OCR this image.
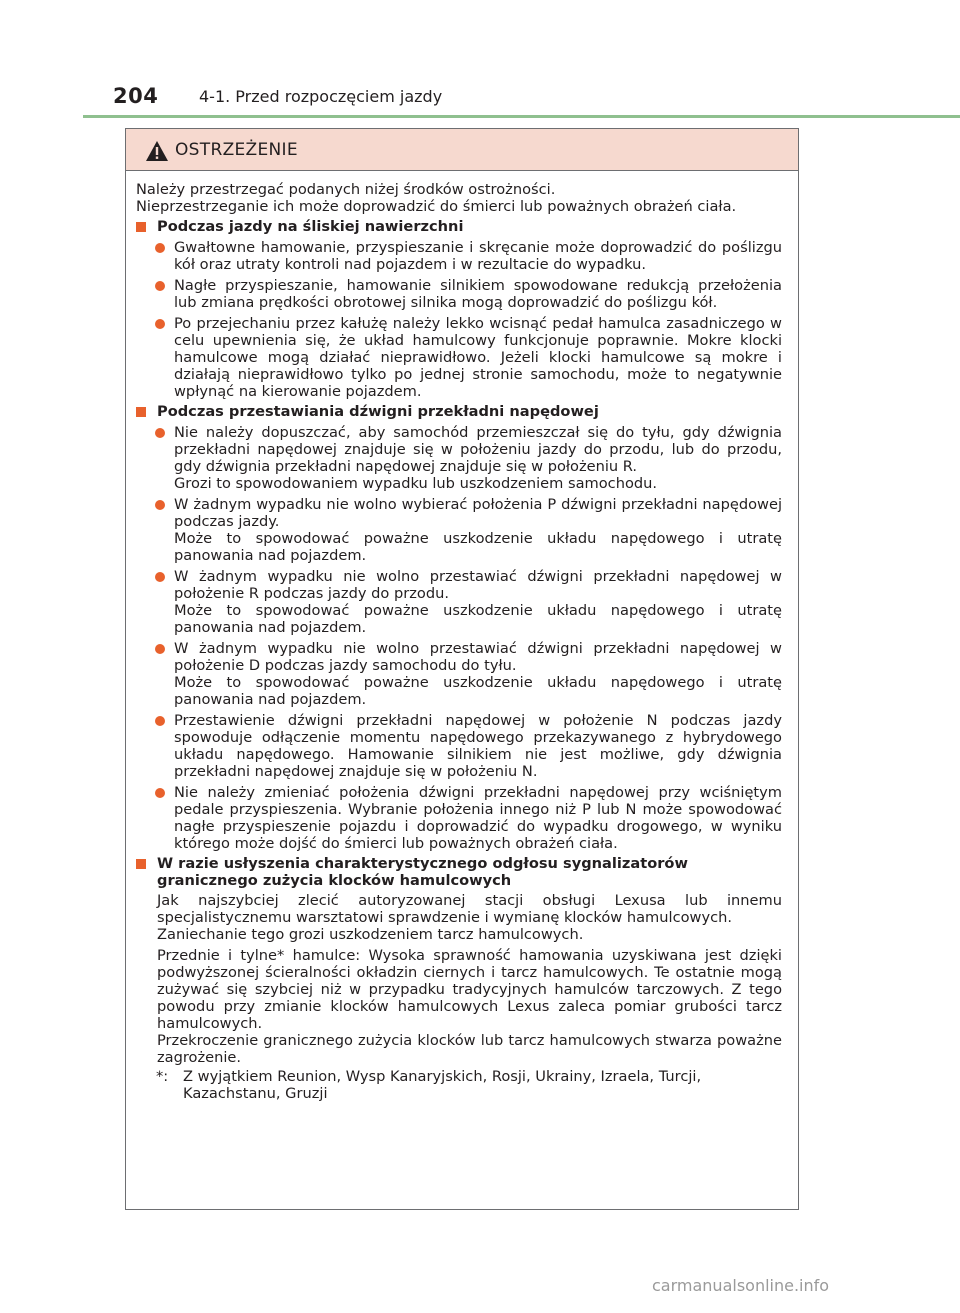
204	4-1. Przed rozpoczęciem jazdy
OSTRZEŻENIE
Należy przestrzegać podanych niżej środków ostrożności.
Nieprzestrzeganie ich może doprowadzić do śmierci lub poważnych obrażeń ciała.
Podczas jazdy na śliskiej nawierzchni
Gwałtowne hamowanie, przyspieszanie i skręcanie może doprowadzić do poślizgu kół oraz utraty kontroli nad pojazdem i w rezultacie do wypadku.
Nagłe przyspieszanie, hamowanie silnikiem spowodowane redukcją przełożenia lub zmiana prędkości obrotowej silnika mogą doprowadzić do poślizgu kół.
Po przejechaniu przez kałużę należy lekko wcisnąć pedał hamulca zasadniczego w celu upewnienia się, że układ hamulcowy funkcjonuje poprawnie. Mokre klocki hamulcowe mogą działać nieprawidłowo. Jeżeli klocki hamulcowe są mokre i działają nieprawidłowo tylko po jednej stronie samochodu, może to negatywnie wpłynąć na kierowanie pojazdem.
Podczas przestawiania dźwigni przekładni napędowej
Nie należy dopuszczać, aby samochód przemieszczał się do tyłu, gdy dźwignia przekładni napędowej znajduje się w położeniu jazdy do przodu, lub do przodu, gdy dźwignia przekładni napędowej znajduje się w położeniu R.
Grozi to spowodowaniem wypadku lub uszkodzeniem samochodu.
W żadnym wypadku nie wolno wybierać położenia P dźwigni przekładni napędowej podczas jazdy.
Może to spowodować poważne uszkodzenie układu napędowego i utratę panowania nad pojazdem.
W żadnym wypadku nie wolno przestawiać dźwigni przekładni napędowej w położenie R podczas jazdy do przodu.
Może to spowodować poważne uszkodzenie układu napędowego i utratę panowania nad pojazdem.
W żadnym wypadku nie wolno przestawiać dźwigni przekładni napędowej w położenie D podczas jazdy samochodu do tyłu.
Może to spowodować poważne uszkodzenie układu napędowego i utratę panowania nad pojazdem.
Przestawienie dźwigni przekładni napędowej w położenie N podczas jazdy spowoduje odłączenie momentu napędowego przekazywanego z hybrydowego układu napędowego. Hamowanie silnikiem nie jest możliwe, gdy dźwignia przekładni napędowej znajduje się w położeniu N.
Nie należy zmieniać położenia dźwigni przekładni napędowej przy wciśniętym pedale przyspieszenia. Wybranie położenia innego niż P lub N może spowodować nagłe przyspieszenie pojazdu i doprowadzić do wypadku drogowego, w wyniku którego może dojść do śmierci lub poważnych obrażeń ciała.
W razie usłyszenia charakterystycznego odgłosu sygnalizatorów granicznego zużycia klocków hamulcowych
Jak najszybciej zlecić autoryzowanej stacji obsługi Lexusa lub innemu specjalistycznemu warsztatowi sprawdzenie i wymianę klocków hamulcowych.
Zaniechanie tego grozi uszkodzeniem tarcz hamulcowych.
Przednie i tylne* hamulce: Wysoka sprawność hamowania uzyskiwana jest dzięki podwyższonej ścieralności okładzin ciernych i tarcz hamulcowych. Te ostatnie mogą zużywać się szybciej niż w przypadku tradycyjnych hamulców tarczowych. Z tego powodu przy zmianie klocków hamulcowych Lexus zaleca pomiar grubości tarcz hamulcowych.
Przekroczenie granicznego zużycia klocków lub tarcz hamulcowych stwarza poważne zagrożenie.
*: Z wyjątkiem Reunion, Wysp Kanaryjskich, Rosji, Ukrainy, Izraela, Turcji, Kazachstanu, Gruzji
carmanualsonline.info
